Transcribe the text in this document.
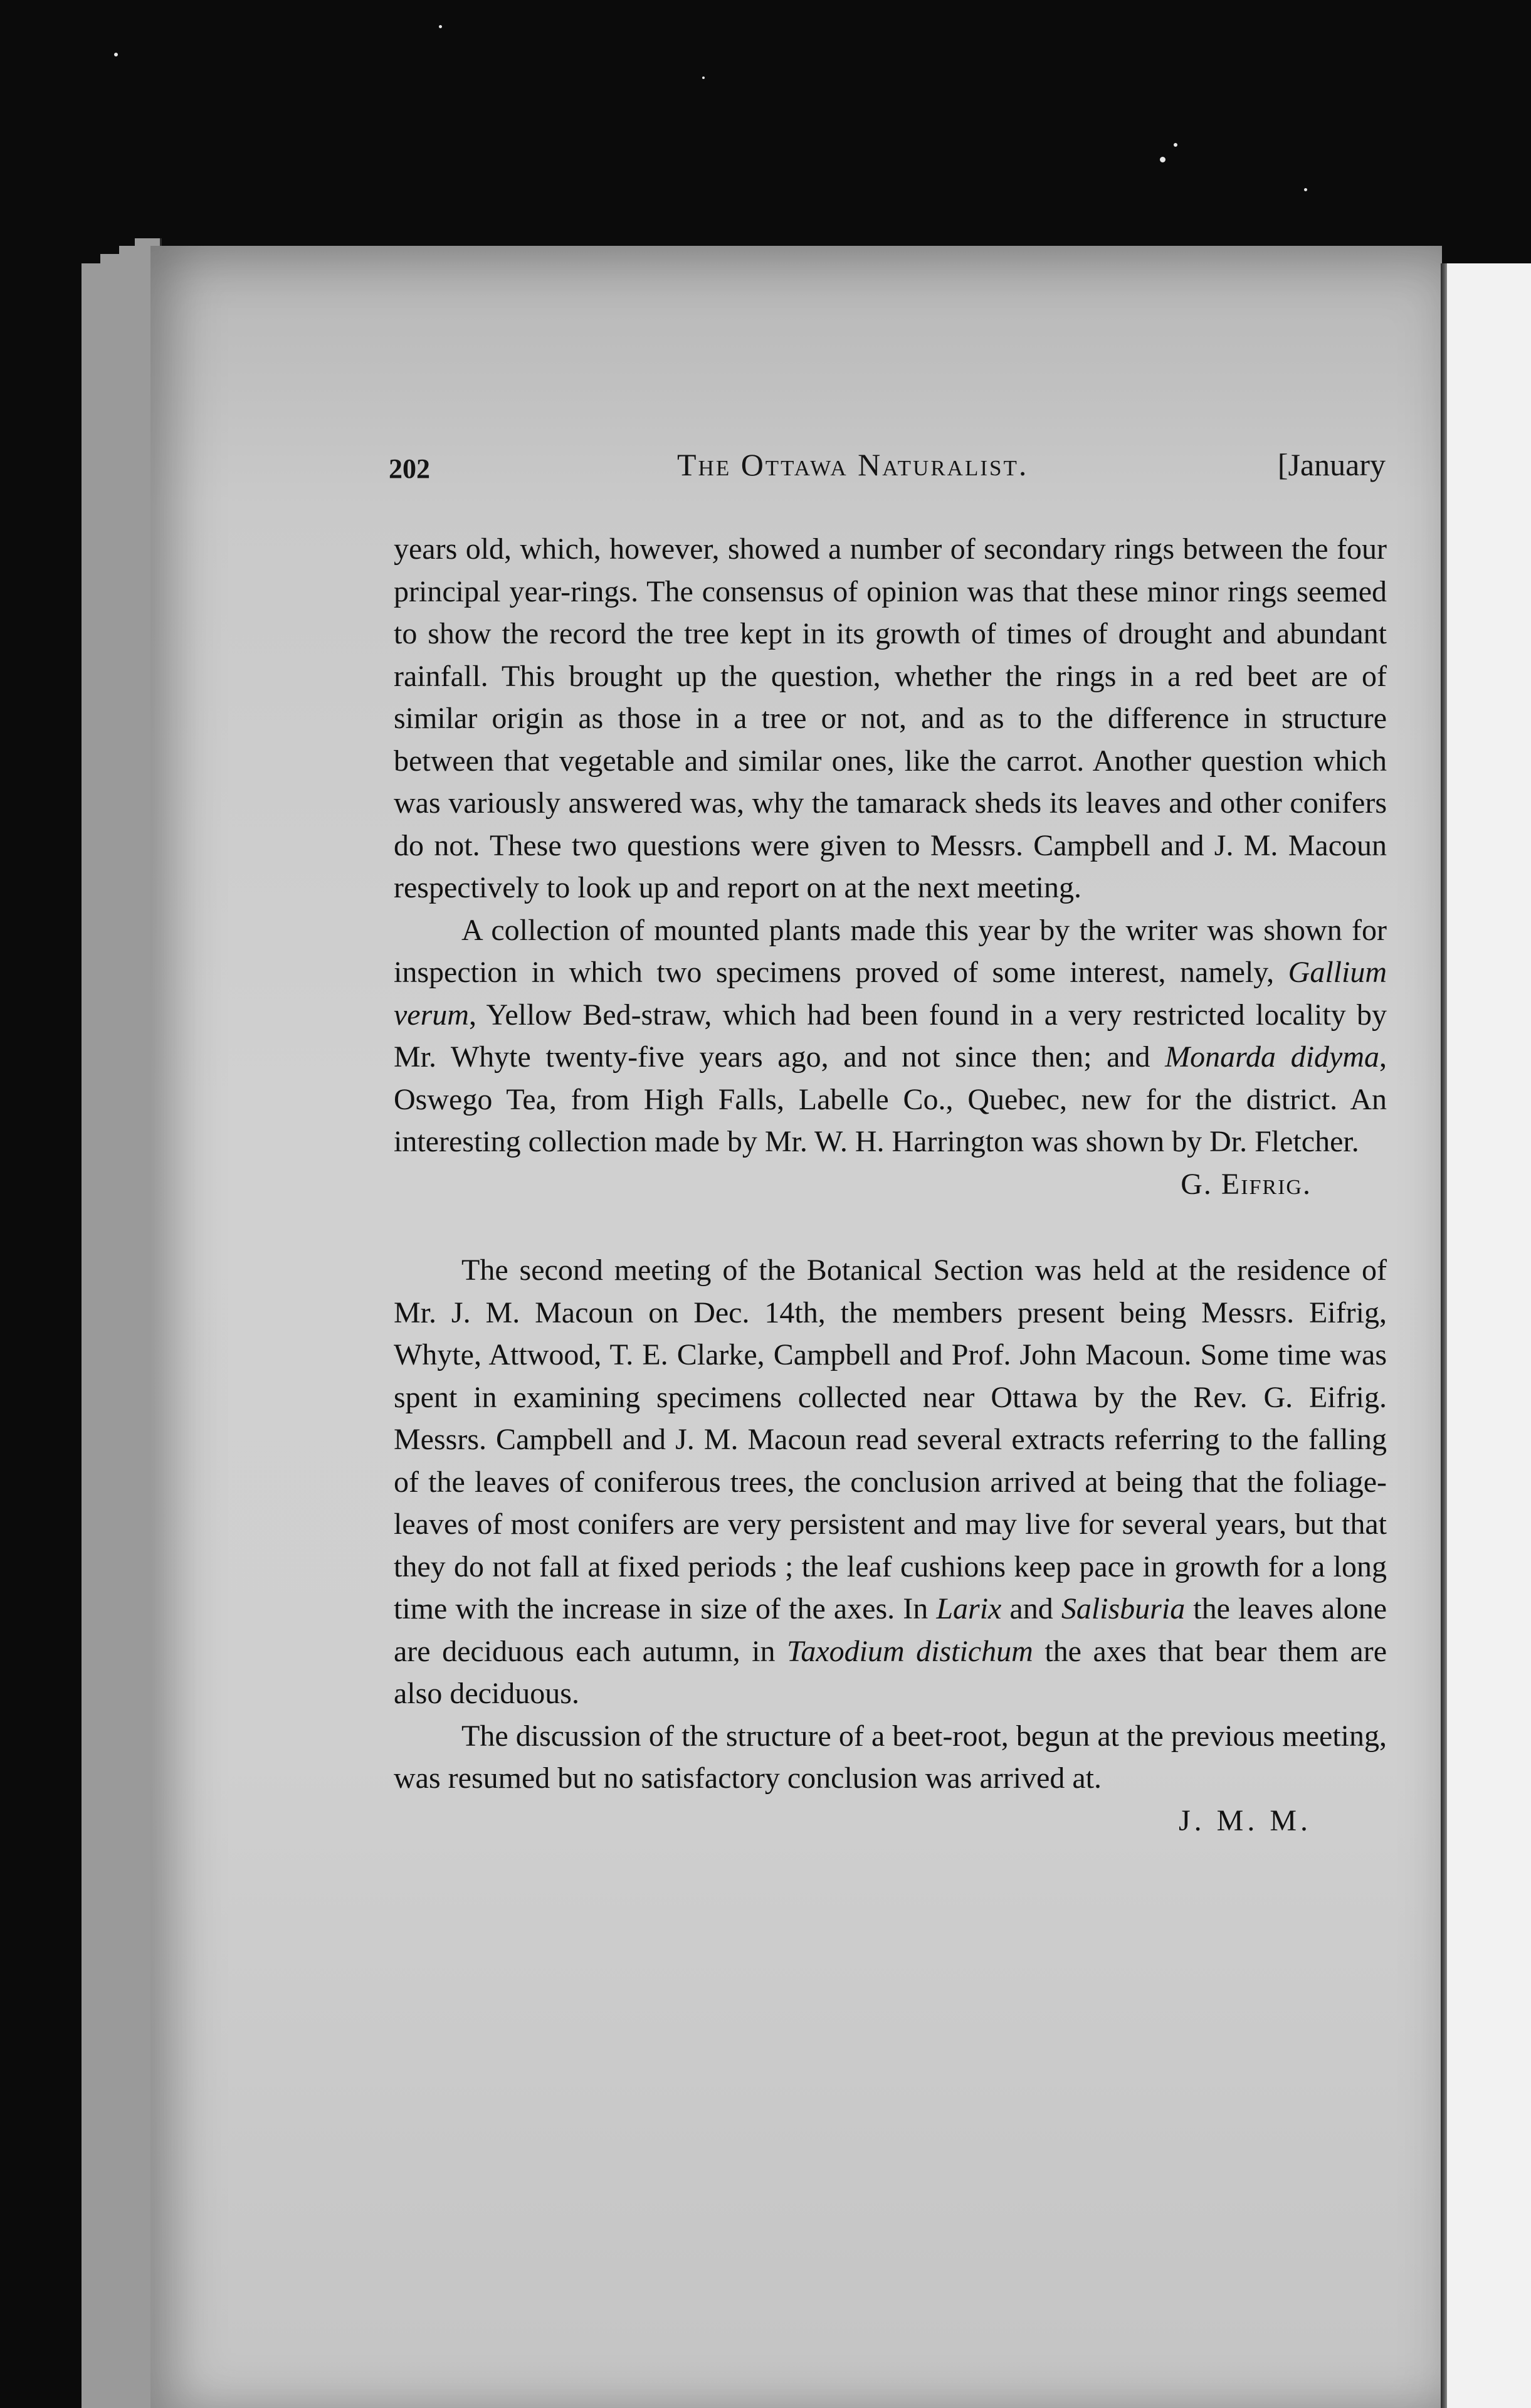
202	The Ottawa Naturalist.	[January

years old, which, however, showed a number of secondary rings between the four principal year-rings. The consensus of opinion was that these minor rings seemed to show the record the tree kept in its growth of times of drought and abundant rainfall. This brought up the question, whether the rings in a red beet are of similar origin as those in a tree or not, and as to the difference in structure between that vegetable and similar ones, like the carrot. Another question which was variously answered was, why the tamarack sheds its leaves and other conifers do not. These two questions were given to Messrs. Campbell and J. M. Macoun respectively to look up and report on at the next meeting.

A collection of mounted plants made this year by the writer was shown for inspection in which two specimens proved of some interest, namely, Gallium verum, Yellow Bed-straw, which had been found in a very restricted locality by Mr. Whyte twenty-five years ago, and not since then; and Monarda didyma, Oswego Tea, from High Falls, Labelle Co., Quebec, new for the district. An interesting collection made by Mr. W. H. Harrington was shown by Dr. Fletcher.

G. Eifrig.

The second meeting of the Botanical Section was held at the residence of Mr. J. M. Macoun on Dec. 14th, the members present being Messrs. Eifrig, Whyte, Attwood, T. E. Clarke, Campbell and Prof. John Macoun. Some time was spent in examining specimens collected near Ottawa by the Rev. G. Eifrig. Messrs. Campbell and J. M. Macoun read several extracts referring to the falling of the leaves of coniferous trees, the conclusion arrived at being that the foliage-leaves of most conifers are very persistent and may live for several years, but that they do not fall at fixed periods ; the leaf cushions keep pace in growth for a long time with the increase in size of the axes. In Larix and Salisburia the leaves alone are deciduous each autumn, in Taxodium distichum the axes that bear them are also deciduous.

The discussion of the structure of a beet-root, begun at the previous meeting, was resumed but no satisfactory conclusion was arrived at.

J. M. M.
